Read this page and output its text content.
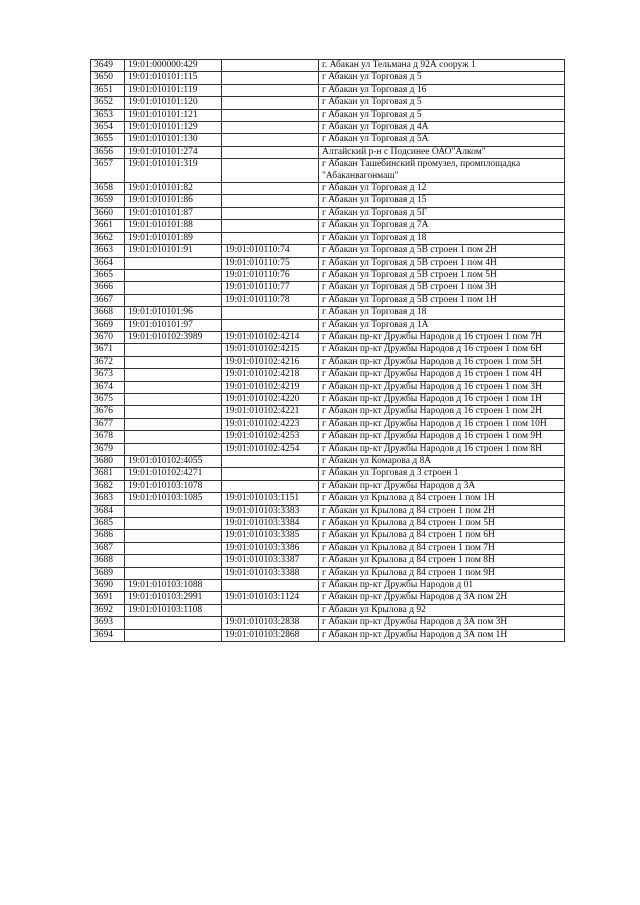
3649	19:01:000000:429		г. Абакан ул Тельмана д 92А сооруж 1
3650	19:01:010101:115		г Абакан ул Торговая д 5
3651	19:01:010101:119		г Абакан ул Торговая д 16
3652	19:01:010101:120		г Абакан ул Торговая д 5
3653	19:01:010101:121		г Абакан ул Торговая д 5
3654	19:01:010101:129		г Абакан ул Торговая д 4А
3655	19:01:010101:130		г Абакан ул Торговая д 5А
3656	19:01:010101:274		Алтайский р-н с Подсинее ОАО"Алком"
3657	19:01:010101:319		г Абакан Ташебинский промузел, промплощадка "Абаканвагонмаш"
3658	19:01:010101:82		г Абакан ул Торговая д 12
3659	19:01:010101:86		г Абакан ул Торговая д 15
3660	19:01:010101:87		г Абакан ул Торговая д 5Г
3661	19:01:010101:88		г Абакан ул Торговая д 7А
3662	19:01:010101:89		г Абакан ул Торговая д 18
3663	19:01:010101:91	19:01:010110:74	г Абакан ул Торговая д 5В строен 1 пом 2Н
3664		19:01:010110:75	г Абакан ул Торговая д 5В строен 1 пом 4Н
3665		19:01:010110:76	г Абакан ул Торговая д 5В строен 1 пом 5Н
3666		19:01:010110:77	г Абакан ул Торговая д 5В строен 1 пом 3Н
3667		19:01:010110:78	г Абакан ул Торговая д 5В строен 1 пом 1Н
3668	19:01:010101:96		г Абакан ул Торговая д 18
3669	19:01:010101:97		г Абакан ул Торговая д 1А
3670	19:01:010102:3989	19:01:010102:4214	г Абакан пр-кт Дружбы Народов д 16 строен 1 пом 7Н
3671		19:01:010102:4215	г Абакан пр-кт Дружбы Народов д 16 строен 1 пом 6Н
3672		19:01:010102:4216	г Абакан пр-кт Дружбы Народов д 16 строен 1 пом 5Н
3673		19:01:010102:4218	г Абакан пр-кт Дружбы Народов д 16 строен 1 пом 4Н
3674		19:01:010102:4219	г Абакан пр-кт Дружбы Народов д 16 строен 1 пом 3Н
3675		19:01:010102:4220	г Абакан пр-кт Дружбы Народов д 16 строен 1 пом 1Н
3676		19:01:010102:4221	г Абакан пр-кт Дружбы Народов д 16 строен 1 пом 2Н
3677		19:01:010102:4223	г Абакан пр-кт Дружбы Народов д 16 строен 1 пом 10Н
3678		19:01:010102:4253	г Абакан пр-кт Дружбы Народов д 16 строен 1 пом 9Н
3679		19:01:010102:4254	г Абакан пр-кт Дружбы Народов д 16 строен 1 пом 8Н
3680	19:01:010102:4055		г Абакан ул Комарова д 8А
3681	19:01:010102:4271		г Абакан ул Торговая д 3 строен 1
3682	19:01:010103:1078		г Абакан пр-кт Дружбы Народов д 3А
3683	19:01:010103:1085	19:01:010103:1151	г Абакан ул Крылова д 84 строен 1 пом 1Н
3684		19:01:010103:3383	г Абакан ул Крылова д 84 строен 1 пом 2Н
3685		19:01:010103:3384	г Абакан ул Крылова д 84 строен 1 пом 5Н
3686		19:01:010103:3385	г Абакан ул Крылова д 84 строен 1 пом 6Н
3687		19:01:010103:3386	г Абакан ул Крылова д 84 строен 1 пом 7Н
3688		19:01:010103:3387	г Абакан ул Крылова д 84 строен 1 пом 8Н
3689		19:01:010103:3388	г Абакан ул Крылова д 84 строен 1 пом 9Н
3690	19:01:010103:1088		г Абакан пр-кт Дружбы Народов д 01
3691	19:01:010103:2991	19:01:010103:1124	г Абакан пр-кт Дружбы Народов д 3А пом 2Н
3692	19:01:010103:1108		г Абакан ул Крылова д 92
3693		19:01:010103:2838	г Абакан пр-кт Дружбы Народов д 3А пом 3Н
3694		19:01:010103:2868	г Абакан пр-кт Дружбы Народов д 3А пом 1Н
